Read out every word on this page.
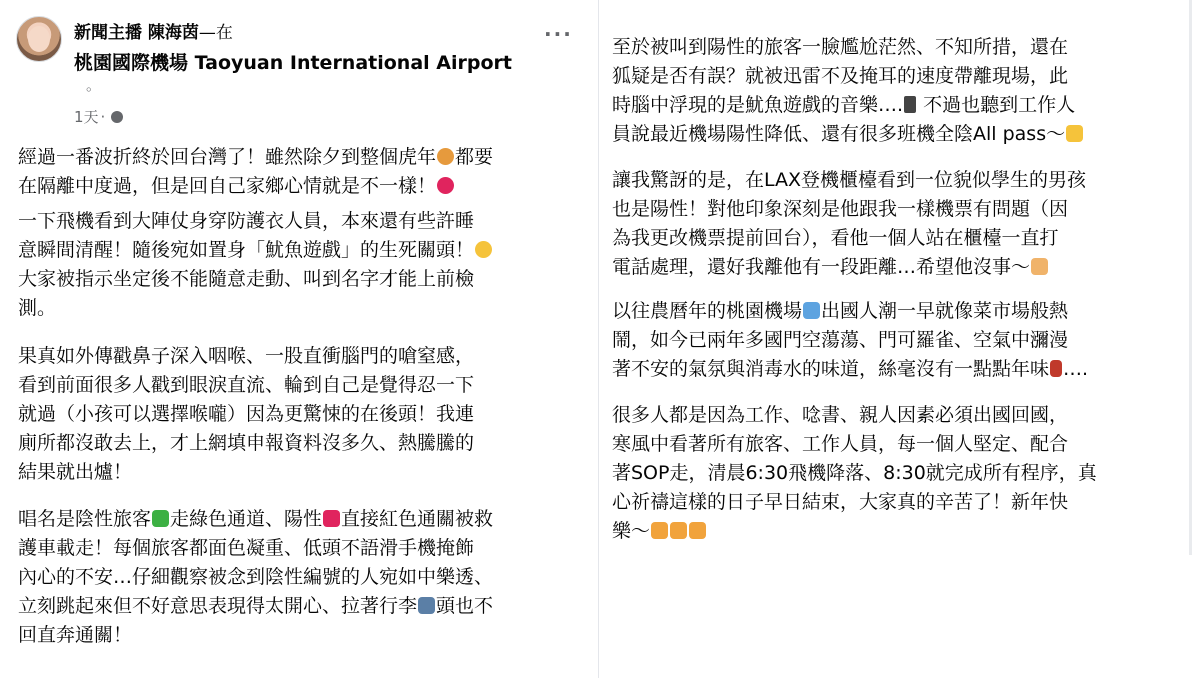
新聞主播 陳海茵—在
桃園國際機場 Taoyuan International Airport
。
1天 ·
···

經過一番波折終於回台灣了！雖然除夕到整個虎年 都要
在隔離中度過，但是回自己家鄉心情就是不一樣！

一下飛機看到大陣仗身穿防護衣人員，本來還有些許睡
意瞬間清醒！隨後宛如置身「魷魚遊戲」的生死關頭！
大家被指示坐定後不能隨意走動、叫到名字才能上前檢
測。

果真如外傳戳鼻子深入咽喉、一股直衝腦門的嗆窒感，
看到前面很多人戳到眼淚直流、輪到自己是覺得忍一下
就過（小孩可以選擇喉嚨）因為更驚悚的在後頭！我連
廁所都沒敢去上，才上網填申報資料沒多久、熱騰騰的
結果就出爐！

唱名是陰性旅客 走綠色通道、陽性 直接紅色通關被救
護車載走！每個旅客都面色凝重、低頭不語滑手機掩飾
內心的不安…仔細觀察被念到陰性編號的人宛如中樂透、
立刻跳起來但不好意思表現得太開心、拉著行李 頭也不
回直奔通關！

至於被叫到陽性的旅客一臉尷尬茫然、不知所措，還在
狐疑是否有誤？就被迅雷不及掩耳的速度帶離現場，此
時腦中浮現的是魷魚遊戲的音樂…. 不過也聽到工作人
員說最近機場陽性降低、還有很多班機全陰All pass～

讓我驚訝的是，在LAX登機櫃檯看到一位貌似學生的男孩
也是陽性！對他印象深刻是他跟我一樣機票有問題（因
為我更改機票提前回台），看他一個人站在櫃檯一直打
電話處理，還好我離他有一段距離…希望他沒事～

以往農曆年的桃園機場 出國人潮一早就像菜市場般熱
鬧，如今已兩年多國門空蕩蕩、門可羅雀、空氣中瀰漫
著不安的氣氛與消毒水的味道，絲毫沒有一點點年味 ….

很多人都是因為工作、唸書、親人因素必須出國回國，
寒風中看著所有旅客、工作人員，每一個人堅定、配合
著SOP走，清晨6:30飛機降落、8:30就完成所有程序，真
心祈禱這樣的日子早日結束，大家真的辛苦了！新年快
樂～
